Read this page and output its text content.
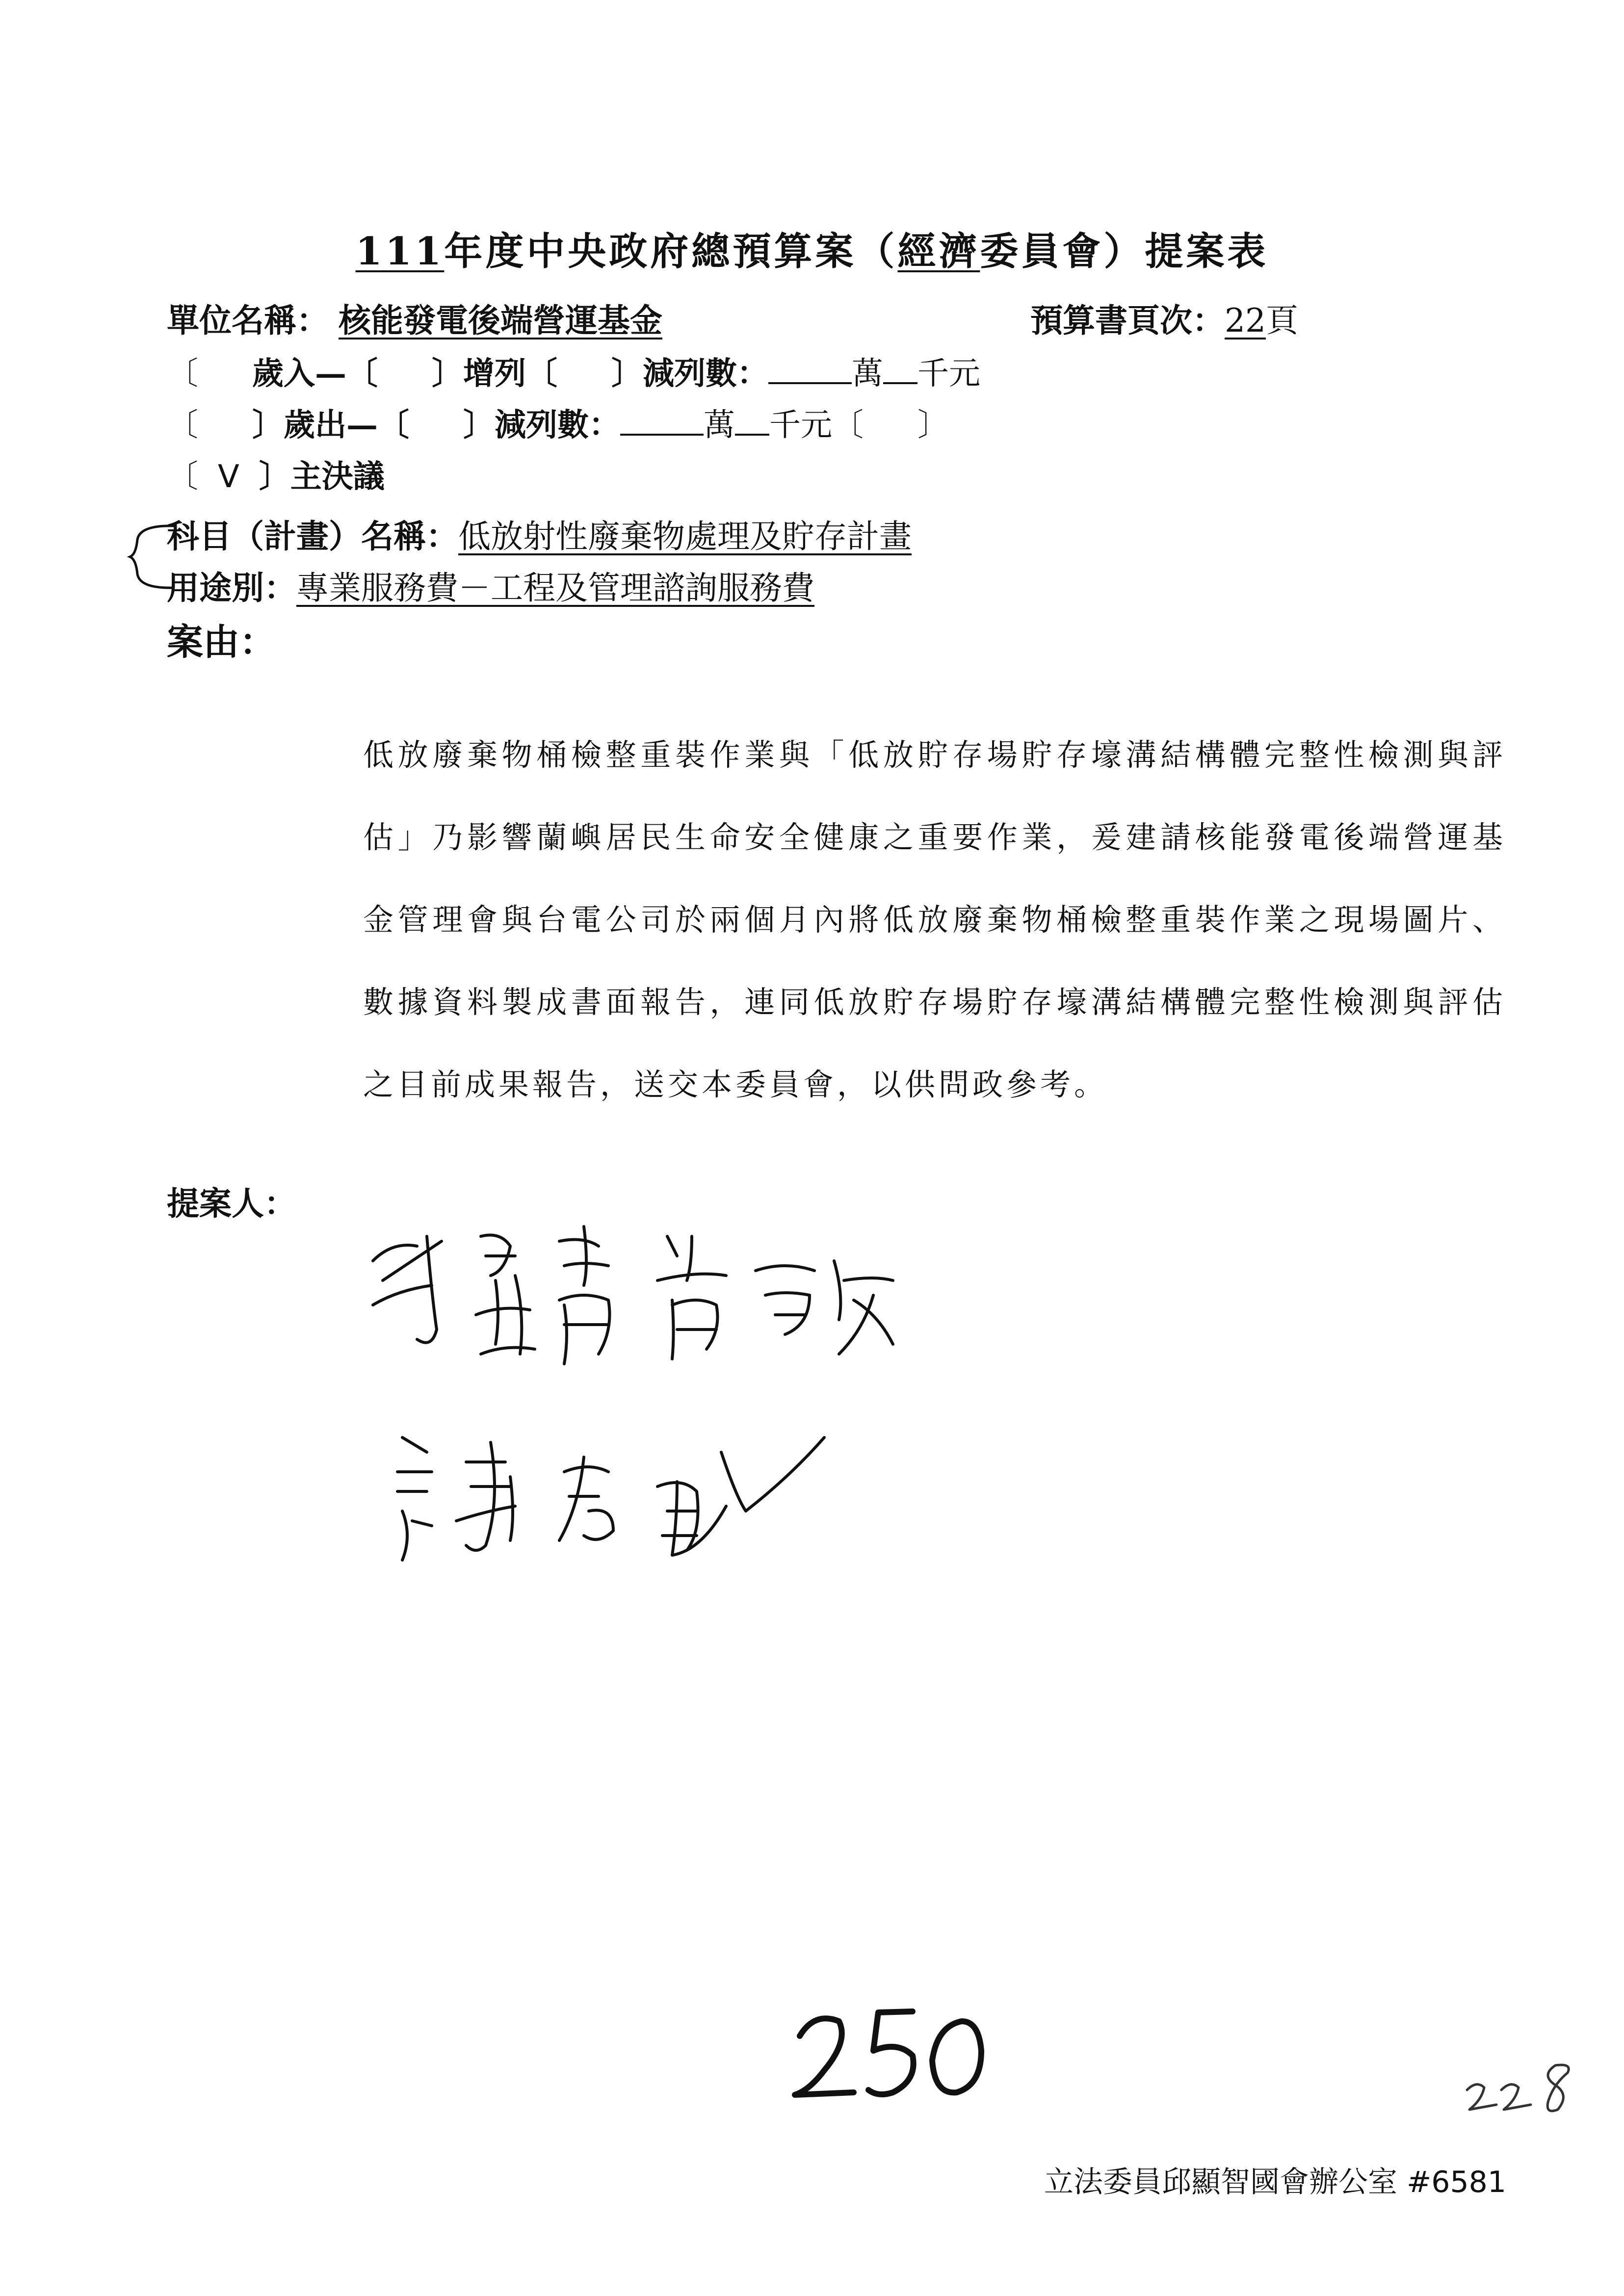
111年度中央政府總預算案（經濟委員會）提案表
單位名稱： 核能發電後端營運基金	預算書頁次：22頁
〔 歲入—〔 〕增列〔 〕減列數：	萬 千元
〔 〕歲出—〔 〕減列數：	萬 千元〔 〕
〔 V 〕主決議
科目（計畫）名稱：低放射性廢棄物處理及貯存計畫
用途別：專業服務費－工程及管理諮詢服務費
案由：

低放廢棄物桶檢整重裝作業與「低放貯存場貯存壕溝結構體完整性檢測與評估」乃影響蘭嶼居民生命安全健康之重要作業，爰建請核能發電後端營運基金管理會與台電公司於兩個月內將低放廢棄物桶檢整重裝作業之現場圖片、數據資料製成書面報告，連同低放貯存場貯存壕溝結構體完整性檢測與評估之目前成果報告，送交本委員會，以供問政參考。

提案人：
立法委員邱顯智國會辦公室 #6581
